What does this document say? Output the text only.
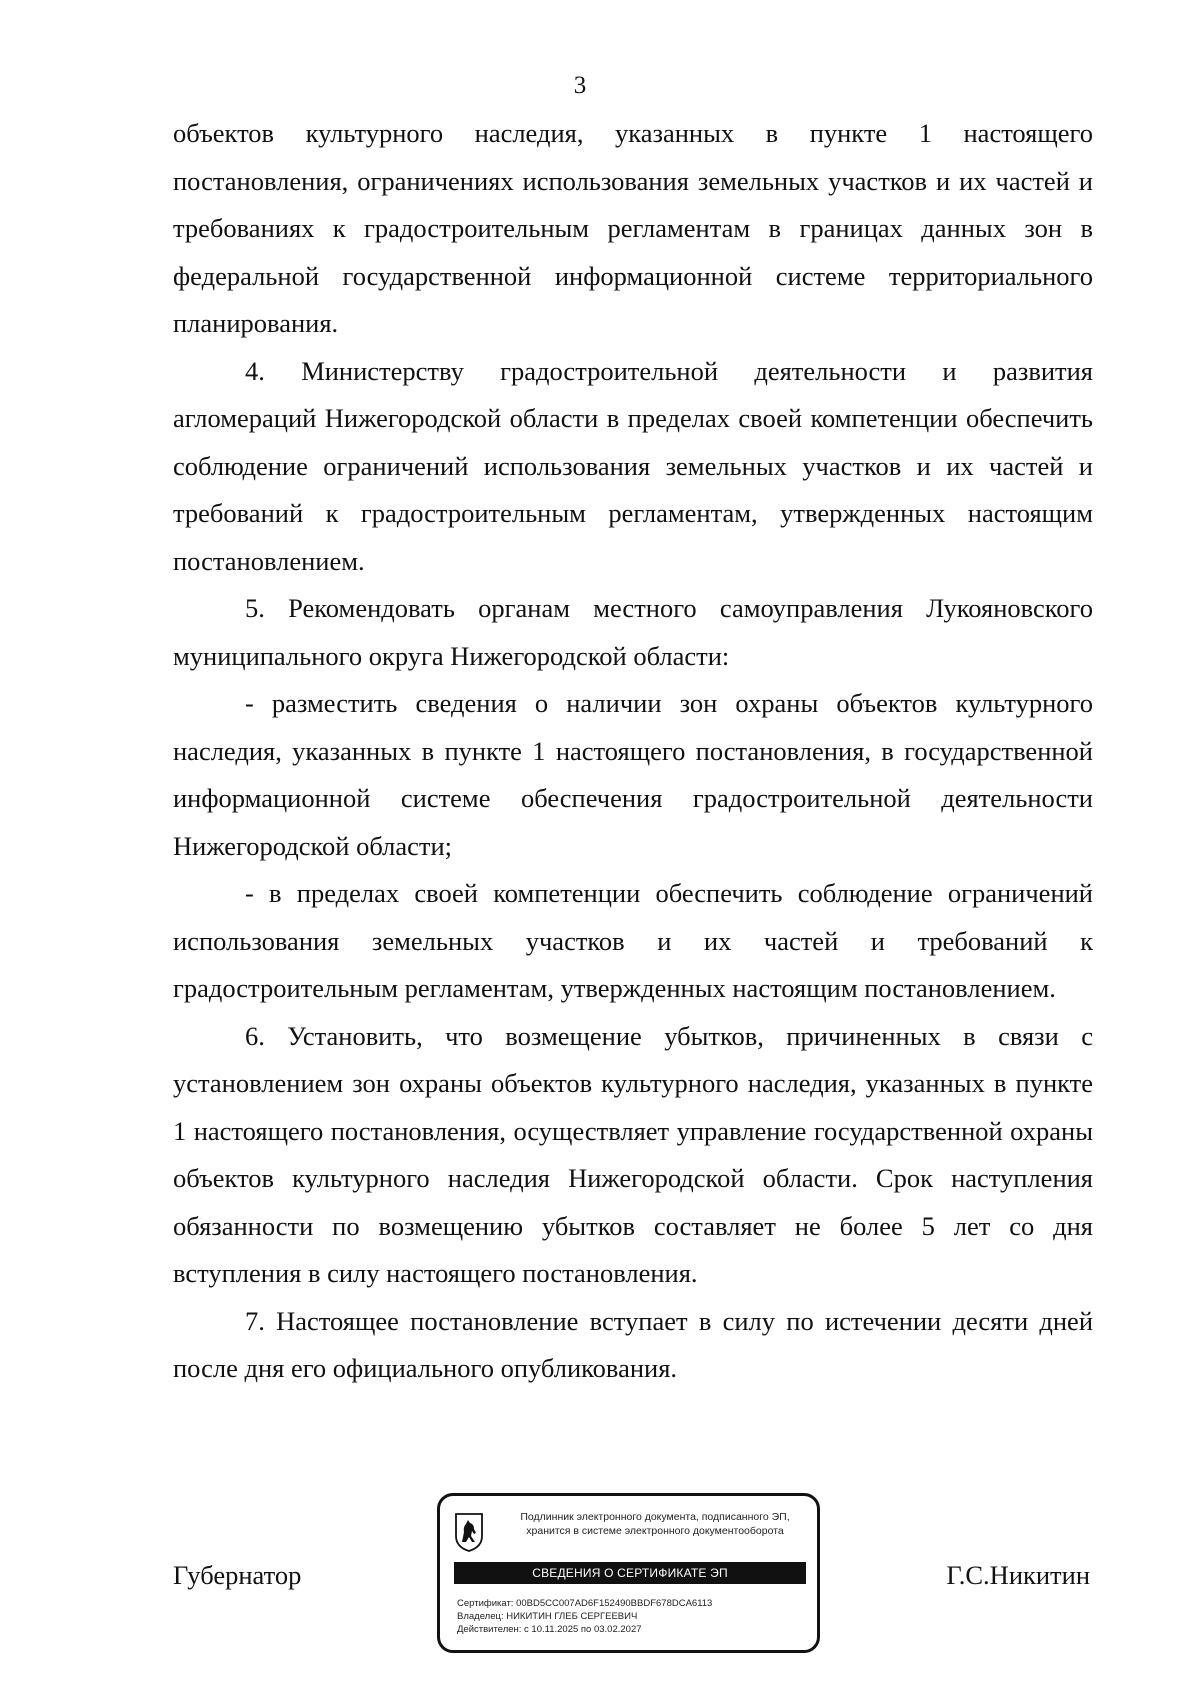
3

объектов культурного наследия, указанных в пункте 1 настоящего постановления, ограничениях использования земельных участков и их частей и требованиях к градостроительным регламентам в границах данных зон в федеральной государственной информационной системе территориального планирования.

4. Министерству градостроительной деятельности и развития агломераций Нижегородской области в пределах своей компетенции обеспечить соблюдение ограничений использования земельных участков и их частей и требований к градостроительным регламентам, утвержденных настоящим постановлением.

5. Рекомендовать органам местного самоуправления Лукояновского муниципального округа Нижегородской области:

- разместить сведения о наличии зон охраны объектов культурного наследия, указанных в пункте 1 настоящего постановления, в государственной информационной системе обеспечения градостроительной деятельности Нижегородской области;

- в пределах своей компетенции обеспечить соблюдение ограничений использования земельных участков и их частей и требований к градостроительным регламентам, утвержденных настоящим постановлением.

6. Установить, что возмещение убытков, причиненных в связи с установлением зон охраны объектов культурного наследия, указанных в пункте 1 настоящего постановления, осуществляет управление государственной охраны объектов культурного наследия Нижегородской области. Срок наступления обязанности по возмещению убытков составляет не более 5 лет со дня вступления в силу настоящего постановления.

7. Настоящее постановление вступает в силу по истечении десяти дней после дня его официального опубликования.

Губернатор	Г.С.Никитин
Подлинник электронного документа, подписанного ЭП,
хранится в системе электронного документооборота
СВЕДЕНИЯ О СЕРТИФИКАТЕ ЭП
Сертификат: 00BD5CC007AD6F152490BBDF678DCA6113
Владелец: НИКИТИН ГЛЕБ СЕРГЕЕВИЧ
Действителен: с 10.11.2025 по 03.02.2027
